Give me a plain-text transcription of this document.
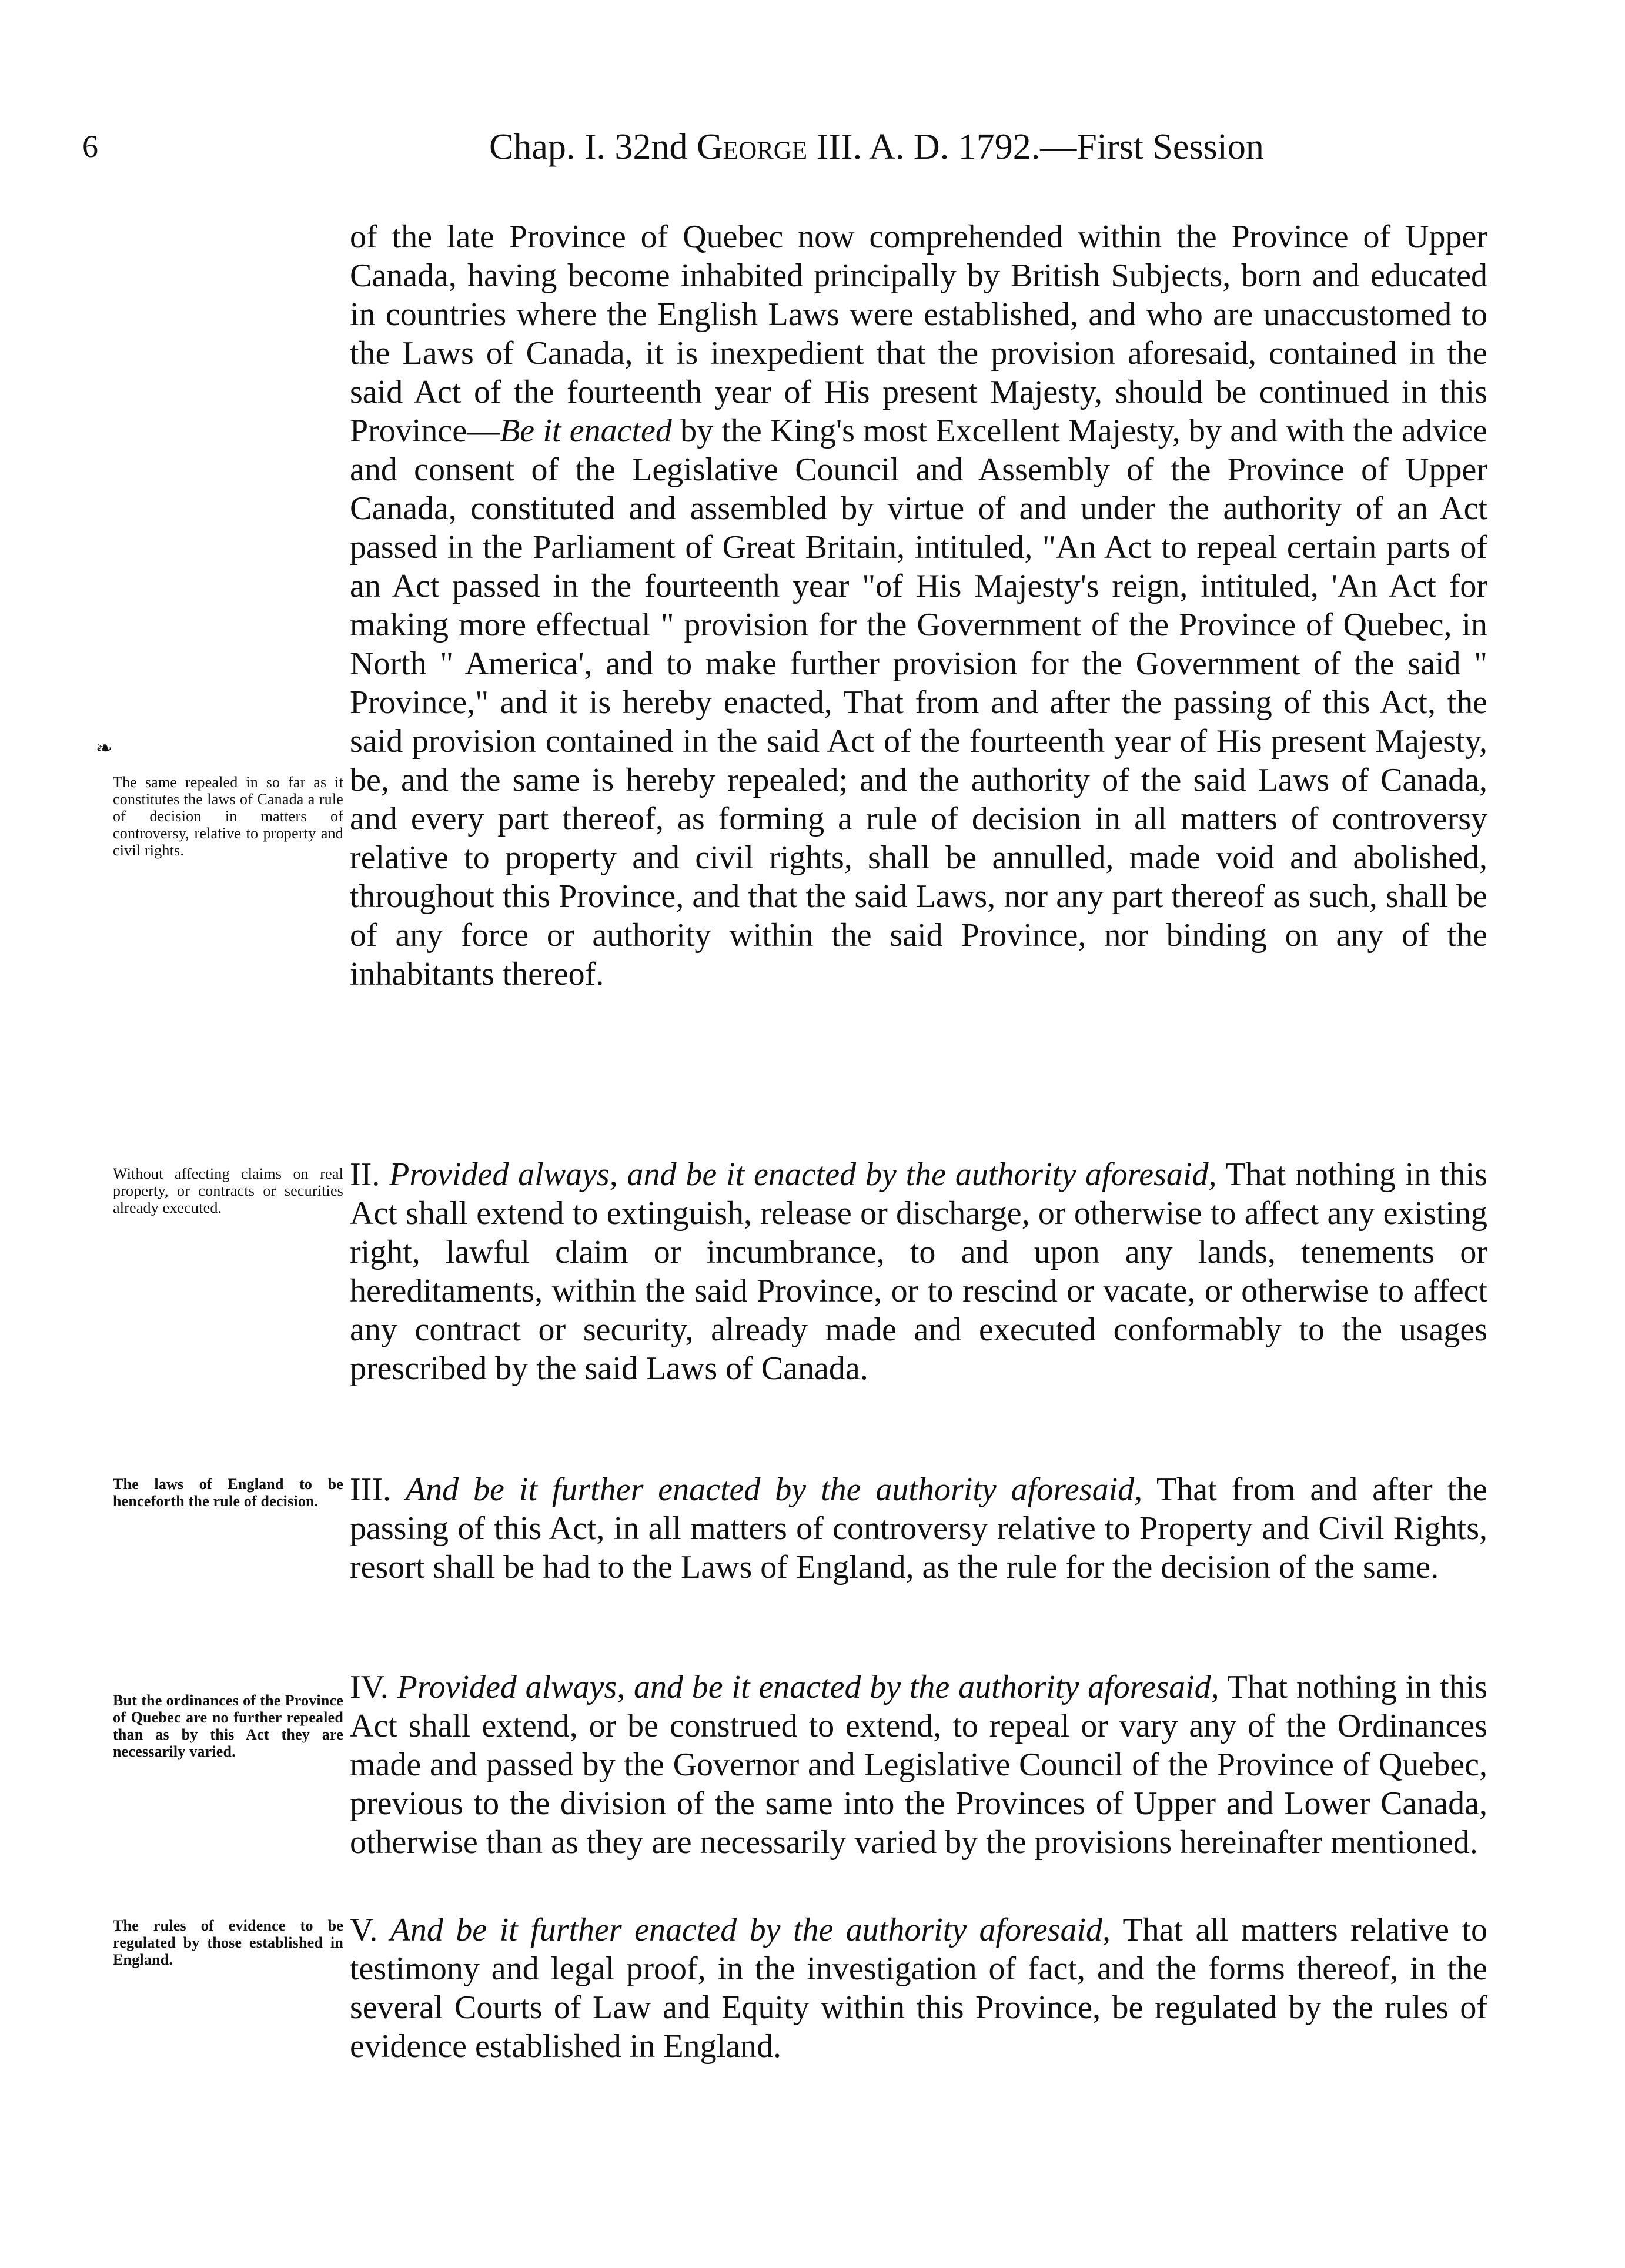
6	Chap. I. 32nd George III. A. D. 1792.—First Session
❧

of the late Province of Quebec now comprehended within the Province of Upper Canada, having become inhabited principally by British Subjects, born and educated in countries where the English Laws were established, and who are unaccustomed to the Laws of Canada, it is inexpedient that the provision aforesaid, contained in the said Act of the fourteenth year of His present Majesty, should be continued in this Province—Be it enacted by the King's most Excellent Majesty, by and with the advice and consent of the Legislative Council and Assembly of the Province of Upper Canada, constituted and assembled by virtue of and under the authority of an Act passed in the Parliament of Great Britain, intituled, "An Act to repeal certain parts of an Act passed in the fourteenth year "of His Majesty's reign, intituled, 'An Act for making more effectual " provision for the Government of the Province of Quebec, in North " America', and to make further provision for the Government of the said " Province," and it is hereby enacted, That from and after the passing of this Act, the said provision contained in the said Act of the fourteenth year of His present Majesty, be, and the same is hereby repealed; and the authority of the said Laws of Canada, and every part thereof, as forming a rule of decision in all matters of controversy relative to property and civil rights, shall be annulled, made void and abolished, throughout this Province, and that the said Laws, nor any part thereof as such, shall be of any force or authority within the said Province, nor binding on any of the inhabitants thereof.

The same repealed in so far as it constitutes the laws of Canada a rule of decision in matters of controversy, relative to property and civil rights.

II. Provided always, and be it enacted by the authority aforesaid, That nothing in this Act shall extend to extinguish, release or discharge, or otherwise to affect any existing right, lawful claim or incumbrance, to and upon any lands, tenements or hereditaments, within the said Province, or to rescind or vacate, or otherwise to affect any contract or security, already made and executed conformably to the usages prescribed by the said Laws of Canada.

Without affecting claims on real property, or contracts or securities already executed.

III. And be it further enacted by the authority aforesaid, That from and after the passing of this Act, in all matters of controversy relative to Property and Civil Rights, resort shall be had to the Laws of England, as the rule for the decision of the same.

The laws of England to be henceforth the rule of decision.

IV. Provided always, and be it enacted by the authority aforesaid, That nothing in this Act shall extend, or be construed to extend, to repeal or vary any of the Ordinances made and passed by the Governor and Legislative Council of the Province of Quebec, previous to the division of the same into the Provinces of Upper and Lower Canada, otherwise than as they are necessarily varied by the provisions hereinafter mentioned.

But the ordinances of the Province of Quebec are no further repealed than as by this Act they are necessarily varied.

V. And be it further enacted by the authority aforesaid, That all matters relative to testimony and legal proof, in the investigation of fact, and the forms thereof, in the several Courts of Law and Equity within this Province, be regulated by the rules of evidence established in England.

The rules of evidence to be regulated by those established in England.
